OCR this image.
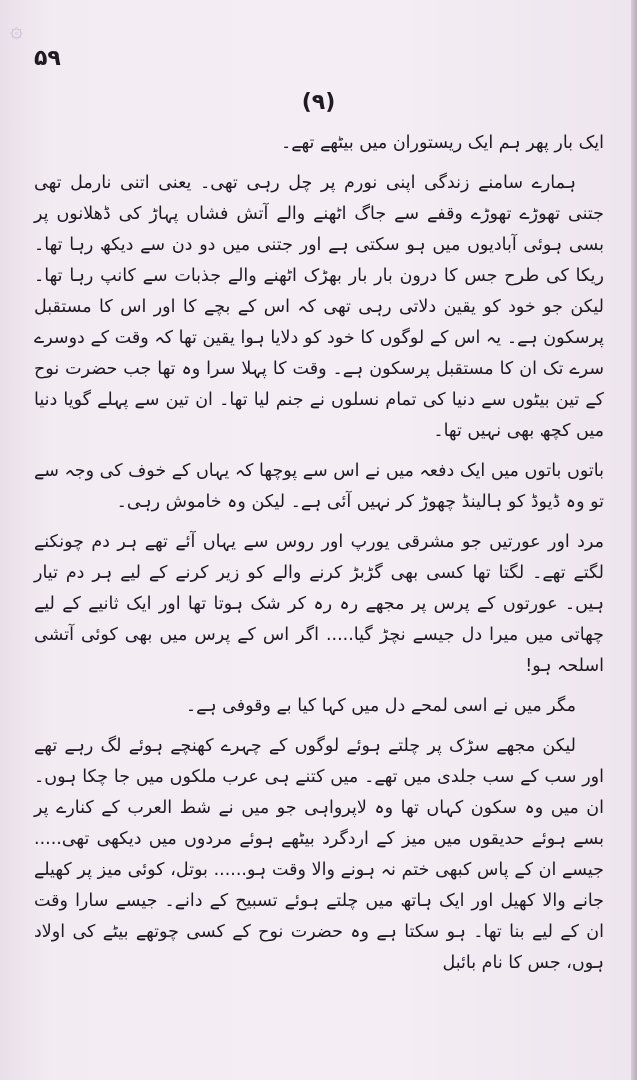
۞
۵۹
(۹)

ایک بار پھر ہم ایک ریستوران میں بیٹھے تھے۔

ہمارے سامنے زندگی اپنی نورم پر چل رہی تھی۔ یعنی اتنی نارمل تھی جتنی تھوڑے تھوڑے وقفے سے جاگ اٹھنے والے آتش فشاں پہاڑ کی ڈھلانوں پر بسی ہوئی آبادیوں میں ہو سکتی ہے اور جتنی میں دو دن سے دیکھ رہا تھا۔ ریکا کی طرح جس کا درون بار بار بھڑک اٹھنے والے جذبات سے کانپ رہا تھا۔ لیکن جو خود کو یقین دلاتی رہی تھی کہ اس کے بچے کا اور اس کا مستقبل پرسکون ہے۔ یہ اس کے لوگوں کا خود کو دلایا ہوا یقین تھا کہ وقت کے دوسرے سرے تک ان کا مستقبل پرسکون ہے۔ وقت کا پہلا سرا وہ تھا جب حضرت نوح کے تین بیٹوں سے دنیا کی تمام نسلوں نے جنم لیا تھا۔ ان تین سے پہلے گویا دنیا میں کچھ بھی نہیں تھا۔

باتوں باتوں میں ایک دفعہ میں نے اس سے پوچھا کہ یہاں کے خوف کی وجہ سے تو وہ ڈیوڈ کو ہالینڈ چھوڑ کر نہیں آئی ہے۔ لیکن وہ خاموش رہی۔

مرد اور عورتیں جو مشرقی یورپ اور روس سے یہاں آئے تھے ہر دم چونکنے لگتے تھے۔ لگتا تھا کسی بھی گڑبڑ کرنے والے کو زیر کرنے کے لیے ہر دم تیار ہیں۔ عورتوں کے پرس پر مجھے رہ رہ کر شک ہوتا تھا اور ایک ثانیے کے لیے چھاتی میں میرا دل جیسے نچڑ گیا..... اگر اس کے پرس میں بھی کوئی آتشی اسلحہ ہو!

مگر میں نے اسی لمحے دل میں کہا کیا بے وقوفی ہے۔

لیکن مجھے سڑک پر چلتے ہوئے لوگوں کے چہرے کھنچے ہوئے لگ رہے تھے اور سب کے سب جلدی میں تھے۔ میں کتنے ہی عرب ملکوں میں جا چکا ہوں۔ ان میں وہ سکون کہاں تھا وہ لاپرواہی جو میں نے شط العرب کے کنارے پر بسے ہوئے حدیقوں میں میز کے اردگرد بیٹھے ہوئے مردوں میں دیکھی تھی..... جیسے ان کے پاس کبھی ختم نہ ہونے والا وقت ہو...... بوتل، کوئی میز پر کھیلے جانے والا کھیل اور ایک ہاتھ میں چلتے ہوئے تسبیح کے دانے۔ جیسے سارا وقت ان کے لیے بنا تھا۔ ہو سکتا ہے وہ حضرت نوح کے کسی چوتھے بیٹے کی اولاد ہوں، جس کا نام بائبل
